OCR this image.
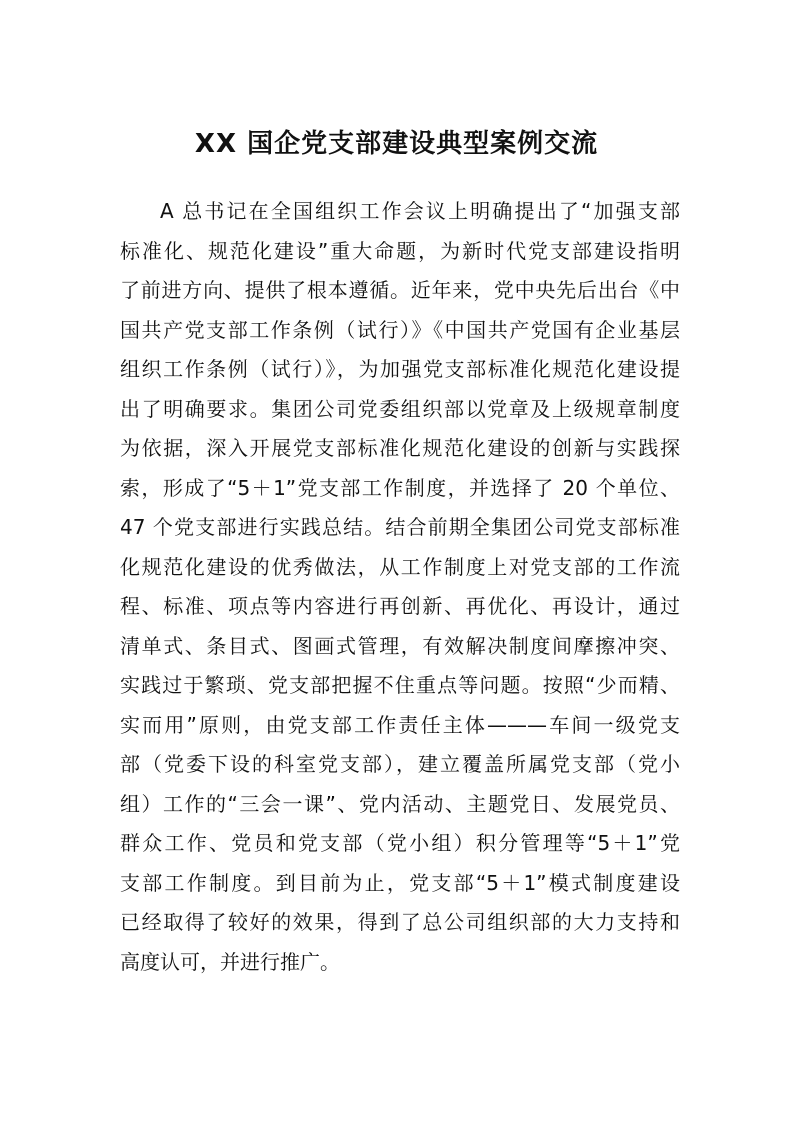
XX 国企党支部建设典型案例交流
A 总书记在全国组织工作会议上明确提出了“加强支部
标准化、规范化建设”重大命题，为新时代党支部建设指明
了前进方向、提供了根本遵循。近年来，党中央先后出台《中
国共产党支部工作条例（试行）》《中国共产党国有企业基层
组织工作条例（试行）》，为加强党支部标准化规范化建设提
出了明确要求。集团公司党委组织部以党章及上级规章制度
为依据，深入开展党支部标准化规范化建设的创新与实践探
索，形成了“5＋1”党支部工作制度，并选择了 20 个单位、
47 个党支部进行实践总结。结合前期全集团公司党支部标准
化规范化建设的优秀做法，从工作制度上对党支部的工作流
程、标准、项点等内容进行再创新、再优化、再设计，通过
清单式、条目式、图画式管理，有效解决制度间摩擦冲突、
实践过于繁琐、党支部把握不住重点等问题。按照“少而精、
实而用”原则，由党支部工作责任主体———车间一级党支
部（党委下设的科室党支部），建立覆盖所属党支部（党小
组）工作的“三会一课”、党内活动、主题党日、发展党员、
群众工作、党员和党支部（党小组）积分管理等“5＋1”党
支部工作制度。到目前为止，党支部“5＋1”模式制度建设
已经取得了较好的效果，得到了总公司组织部的大力支持和
高度认可，并进行推广。
